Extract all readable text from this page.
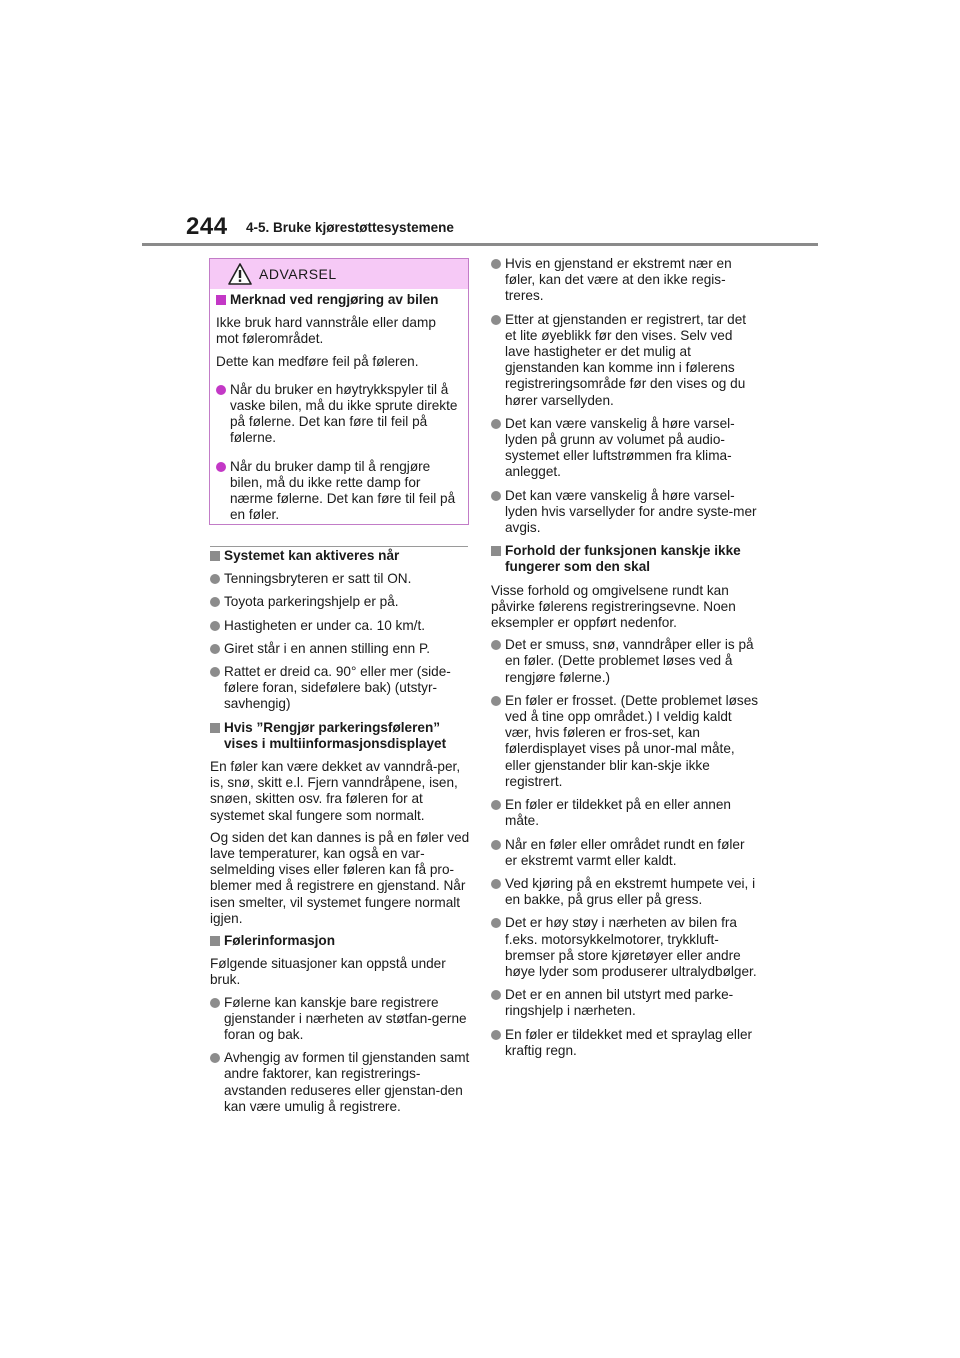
244 4-5. Bruke kjørestøttesystemene
ADVARSEL
Merknad ved rengjøring av bilen
Ikke bruk hard vannstråle eller damp mot følerområdet.
Dette kan medføre feil på føleren.
Når du bruker en høytrykkspyler til å vaske bilen, må du ikke sprute direkte på følerne. Det kan føre til feil på følerne.
Når du bruker damp til å rengjøre bilen, må du ikke rette damp for nærme følerne. Det kan føre til feil på en føler.
Systemet kan aktiveres når
Tenningsbryteren er satt til ON.
Toyota parkeringshjelp er på.
Hastigheten er under ca. 10 km/t.
Giret står i en annen stilling enn P.
Rattet er dreid ca. 90° eller mer (side-følere foran, sidefølere bak) (utstyr-savhengig)
Hvis ”Rengjør parkeringsføleren” vises i multiinformasjonsdisplayet
En føler kan være dekket av vanndrå-per, is, snø, skitt e.l. Fjern vanndråpene, isen, snøen, skitten osv. fra føleren for at systemet skal fungere som normalt.
Og siden det kan dannes is på en føler ved lave temperaturer, kan også en var-selmelding vises eller føleren kan få pro-blemer med å registrere en gjenstand. Når isen smelter, vil systemet fungere normalt igjen.
Følerinformasjon
Følgende situasjoner kan oppstå under bruk.
Følerne kan kanskje bare registrere gjenstander i nærheten av støtfan-gerne foran og bak.
Avhengig av formen til gjenstanden samt andre faktorer, kan registrerings-avstanden reduseres eller gjenstan-den kan være umulig å registrere.
Hvis en gjenstand er ekstremt nær en føler, kan det være at den ikke regis-treres.
Etter at gjenstanden er registrert, tar det et lite øyeblikk før den vises. Selv ved lave hastigheter er det mulig at gjenstanden kan komme inn i følerens registreringsområde før den vises og du hører varsellyden.
Det kan være vanskelig å høre varsel-lyden på grunn av volumet på audio-systemet eller luftstrømmen fra klima-anlegget.
Det kan være vanskelig å høre varsel-lyden hvis varsellyder for andre syste-mer avgis.
Forhold der funksjonen kanskje ikke fungerer som den skal
Visse forhold og omgivelsene rundt kan påvirke følerens registreringsevne. Noen eksempler er oppført nedenfor.
Det er smuss, snø, vanndråper eller is på en føler. (Dette problemet løses ved å rengjøre følerne.)
En føler er frosset. (Dette problemet løses ved å tine opp området.) I veldig kaldt vær, hvis føleren er fros-set, kan følerdisplayet vises på unor-mal måte, eller gjenstander blir kan-skje ikke registrert.
En føler er tildekket på en eller annen måte.
Når en føler eller området rundt en føler er ekstremt varmt eller kaldt.
Ved kjøring på en ekstremt humpete vei, i en bakke, på grus eller på gress.
Det er høy støy i nærheten av bilen fra f.eks. motorsykkelmotorer, trykkluft-bremser på store kjøretøyer eller andre høye lyder som produserer ultralydbølger.
Det er en annen bil utstyrt med parke-ringshjelp i nærheten.
En føler er tildekket med et spraylag eller kraftig regn.
